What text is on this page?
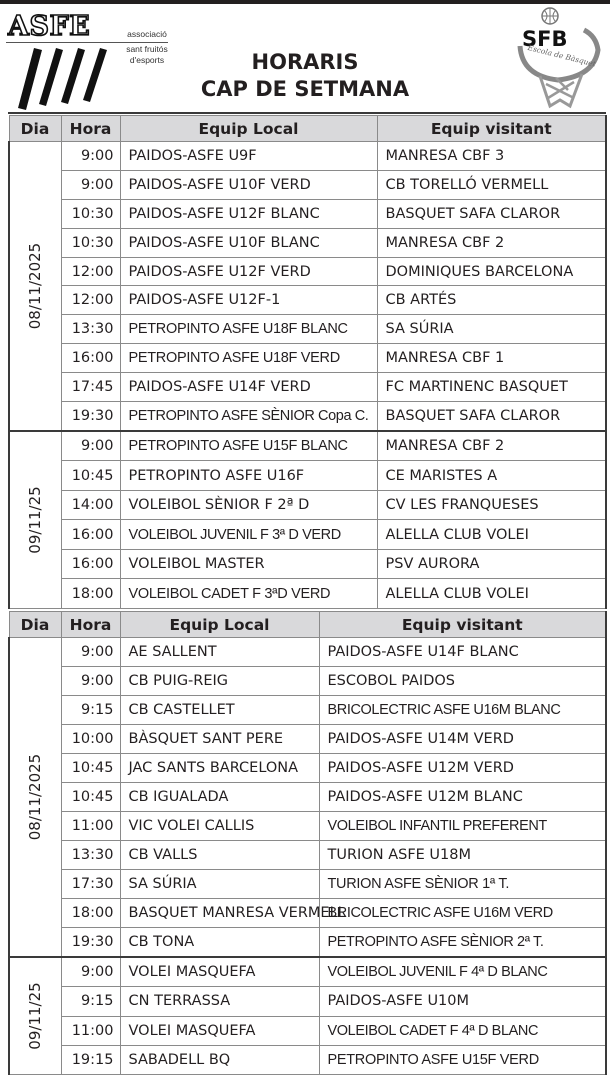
ASFE	associació
sant fruitós
d'esports	HORARIS
CAP DE SETMANA
SFB
Escola de Bàsquet
Dia	Hora	Equip Local	Equip visitant

08/11/2025	9:00	PAIDOS-ASFE U9F	MANRESA CBF 3
	9:00	PAIDOS-ASFE U10F VERD	CB TORELLÓ VERMELL
	10:30	PAIDOS-ASFE U12F BLANC	BASQUET SAFA CLAROR
	10:30	PAIDOS-ASFE U10F BLANC	MANRESA CBF 2
	12:00	PAIDOS-ASFE U12F VERD	DOMINIQUES BARCELONA
	12:00	PAIDOS-ASFE U12F-1	CB ARTÉS
	13:30	PETROPINTO ASFE U18F BLANC	SA SÚRIA
	16:00	PETROPINTO ASFE U18F VERD	MANRESA CBF 1
	17:45	PAIDOS-ASFE U14F VERD	FC MARTINENC BASQUET
	19:30	PETROPINTO ASFE SÈNIOR Copa C.	BASQUET SAFA CLAROR

09/11/25	9:00	PETROPINTO ASFE U15F BLANC	MANRESA CBF 2
	10:45	PETROPINTO ASFE U16F	CE MARISTES A
	14:00	VOLEIBOL SÈNIOR F 2ª D	CV LES FRANQUESES
	16:00	VOLEIBOL JUVENIL F 3ª D VERD	ALELLA CLUB VOLEI
	16:00	VOLEIBOL MASTER	PSV AURORA
	18:00	VOLEIBOL CADET F 3ªD VERD	ALELLA CLUB VOLEI
Dia	Hora	Equip Local	Equip visitant

08/11/2025	9:00	AE SALLENT	PAIDOS-ASFE U14F BLANC
	9:00	CB PUIG-REIG	ESCOBOL PAIDOS
	9:15	CB CASTELLET	BRICOLECTRIC ASFE U16M BLANC
	10:00	BÀSQUET SANT PERE	PAIDOS-ASFE U14M VERD
	10:45	JAC SANTS BARCELONA	PAIDOS-ASFE U12M VERD
	10:45	CB IGUALADA	PAIDOS-ASFE U12M BLANC
	11:00	VIC VOLEI CALLIS	VOLEIBOL INFANTIL PREFERENT
	13:30	CB VALLS	TURION ASFE U18M
	17:30	SA SÚRIA	TURION ASFE SÈNIOR 1ª T.
	18:00	BASQUET MANRESA VERMELL	BRICOLECTRIC ASFE U16M VERD
	19:30	CB TONA	PETROPINTO ASFE SÈNIOR 2ª T.

09/11/25	9:00	VOLEI MASQUEFA	VOLEIBOL JUVENIL F 4ª D BLANC
	9:15	CN TERRASSA	PAIDOS-ASFE U10M
	11:00	VOLEI MASQUEFA	VOLEIBOL CADET F 4ª D BLANC
	19:15	SABADELL BQ	PETROPINTO ASFE U15F VERD
